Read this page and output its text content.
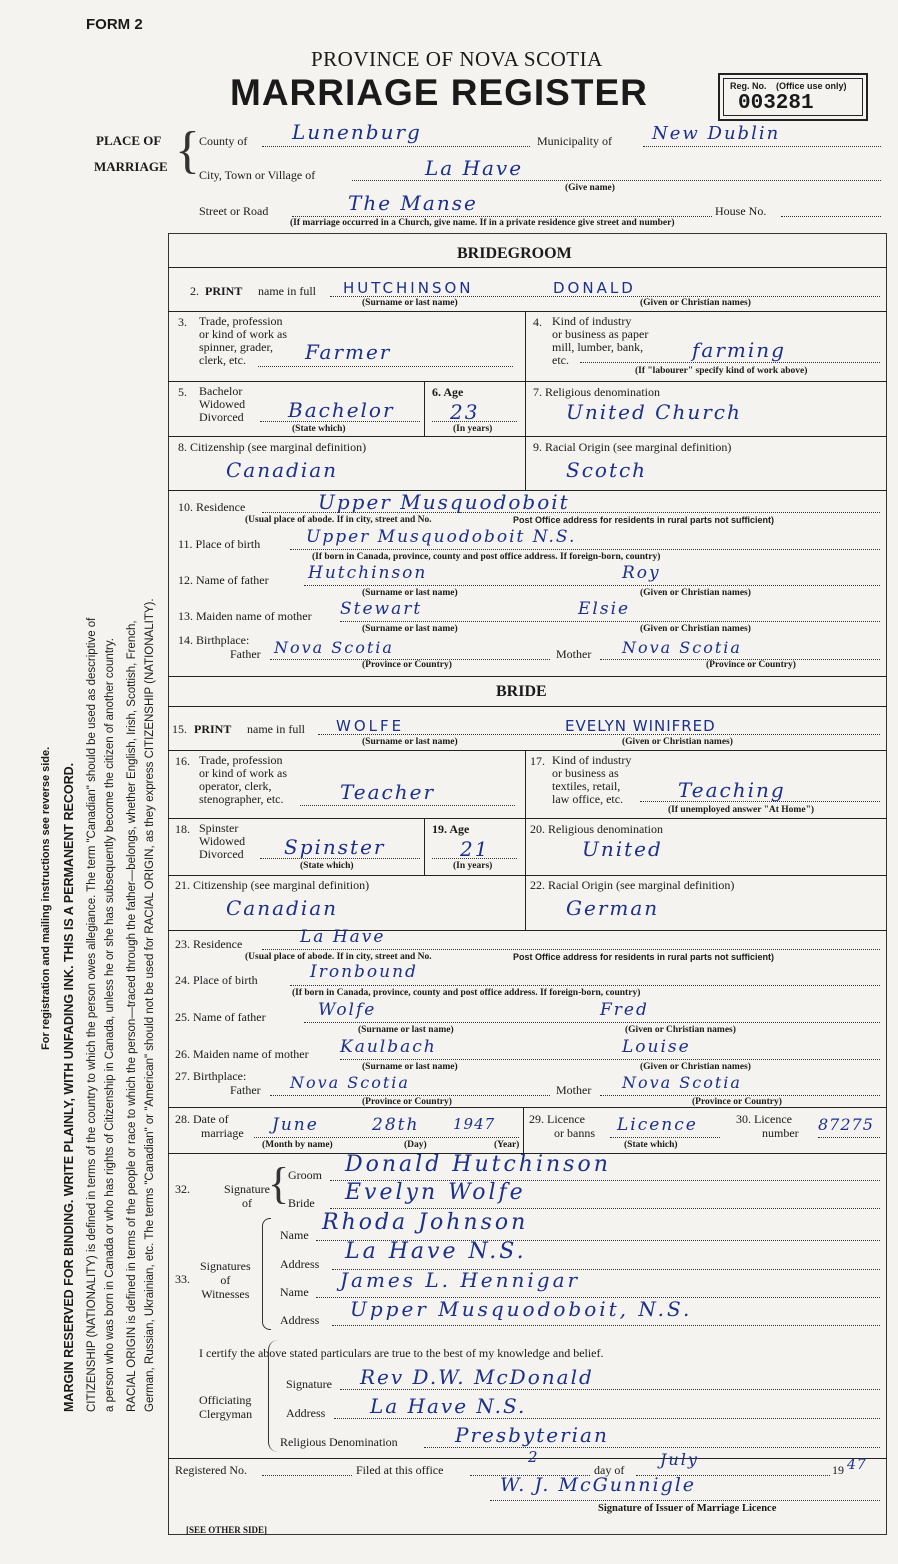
FORM 2
PROVINCE OF NOVA SCOTIA
MARRIAGE REGISTER	Reg. No. (Office use only)
003281
For registration and mailing instructions see reverse side. MARGIN RESERVED FOR BINDING. WRITE PLAINLY, WITH UNFADING INK. THIS IS A PERMANENT RECORD. CITIZENSHIP (NATIONALITY) is defined in terms of the country to which the person owes allegiance. The term "Canadian" should be used as descriptive of a person who was born in Canada or who has rights of Citizenship in Canada, unless he or she has subsequently become the citizen of another country. RACIAL ORIGIN is defined in terms of the people or race to which the person—traced through the father—belongs, whether English, Irish, Scottish, French, German, Russian, Ukrainian, etc. The terms "Canadian" or "American" should not be used for RACIAL ORIGIN, as they express CITIZENSHIP (NATIONALITY).
PLACE OF
MARRIAGE { County of Lunenburg	Municipality of New Dublin
City, Town or Village of	La Have
(Give name)
Street or Road	The Manse	House No.
(If marriage occurred in a Church, give name. If in a private residence give street and number)
BRIDEGROOM
2. PRINT name in full HUTCHINSON	DONALD
(Surname or last name)	(Given or Christian names)
3. Trade, profession
or kind of work as
spinner, grader,
clerk, etc.	Farmer
4. Kind of industry
or business as paper
mill, lumber, bank,
etc.	farming
(If "labourer" specify kind of work above)
5. Bachelor
Widowed
Divorced Bachelor
(State which)
6. Age
23
(In years)
7. Religious denomination
United Church
8. Citizenship (see marginal definition)
Canadian
9. Racial Origin (see marginal definition)
Scotch
10. Residence	Upper Musquodoboit
(Usual place of abode. If in city, street and No.	Post Office address for residents in rural parts not sufficient)
11. Place of birth	Upper Musquodoboit N.S.
(If born in Canada, province, county and post office address. If foreign-born, country)
12. Name of father Hutchinson	Roy
(Surname or last name)	(Given or Christian names)
13. Maiden name of mother Stewart	Elsie
(Surname or last name)	(Given or Christian names)
14. Birthplace:
Father Nova Scotia	Mother Nova Scotia
(Province or Country)	(Province or Country)
BRIDE
15. PRINT name in full WOLFE	EVELYN WINIFRED
(Surname or last name)	(Given or Christian names)
16. Trade, profession
or kind of work as
operator, clerk,
stenographer, etc.	Teacher
17. Kind of industry
or business as
textiles, retail,
law office, etc.	Teaching
(If unemployed answer "At Home")
18. Spinster
Widowed
Divorced Spinster
(State which)
19. Age
21
(In years)
20. Religious denomination
United
21. Citizenship (see marginal definition)
Canadian
22. Racial Origin (see marginal definition)
German
23. Residence	La Have
(Usual place of abode. If in city, street and No.	Post Office address for residents in rural parts not sufficient)
24. Place of birth	Ironbound
(If born in Canada, province, county and post office address. If foreign-born, country)
25. Name of father	Wolfe	Fred
(Surname or last name)	(Given or Christian names)
26. Maiden name of mother Kaulbach	Louise
(Surname or last name)	(Given or Christian names)
27. Birthplace:
Father Nova Scotia	Mother Nova Scotia
(Province or Country)	(Province or Country)
28. Date of
marriage June	28th 1947
(Month by name)	(Day)	(Year)
29. Licence
or banns Licence
(State which)
30. Licence
number 87275
32.	Signature
of {
Groom Donald Hutchinson
Bride Evelyn Wolfe
33.
Signatures
of
Witnesses
Name Rhoda Johnson
Address La Have N.S.
Name James L. Hennigar
Address Upper Musquodoboit, N.S.
I certify the above stated particulars are true to the best of my knowledge and belief.
Signature Rev D.W. McDonald
Officiating
Clergyman	Address La Have N.S.
Religious Denomination	Presbyterian
Registered No.	Filed at this office
2
day of
July
19 47
W. J. McGunnigle
Signature of Issuer of Marriage Licence
[SEE OTHER SIDE]
